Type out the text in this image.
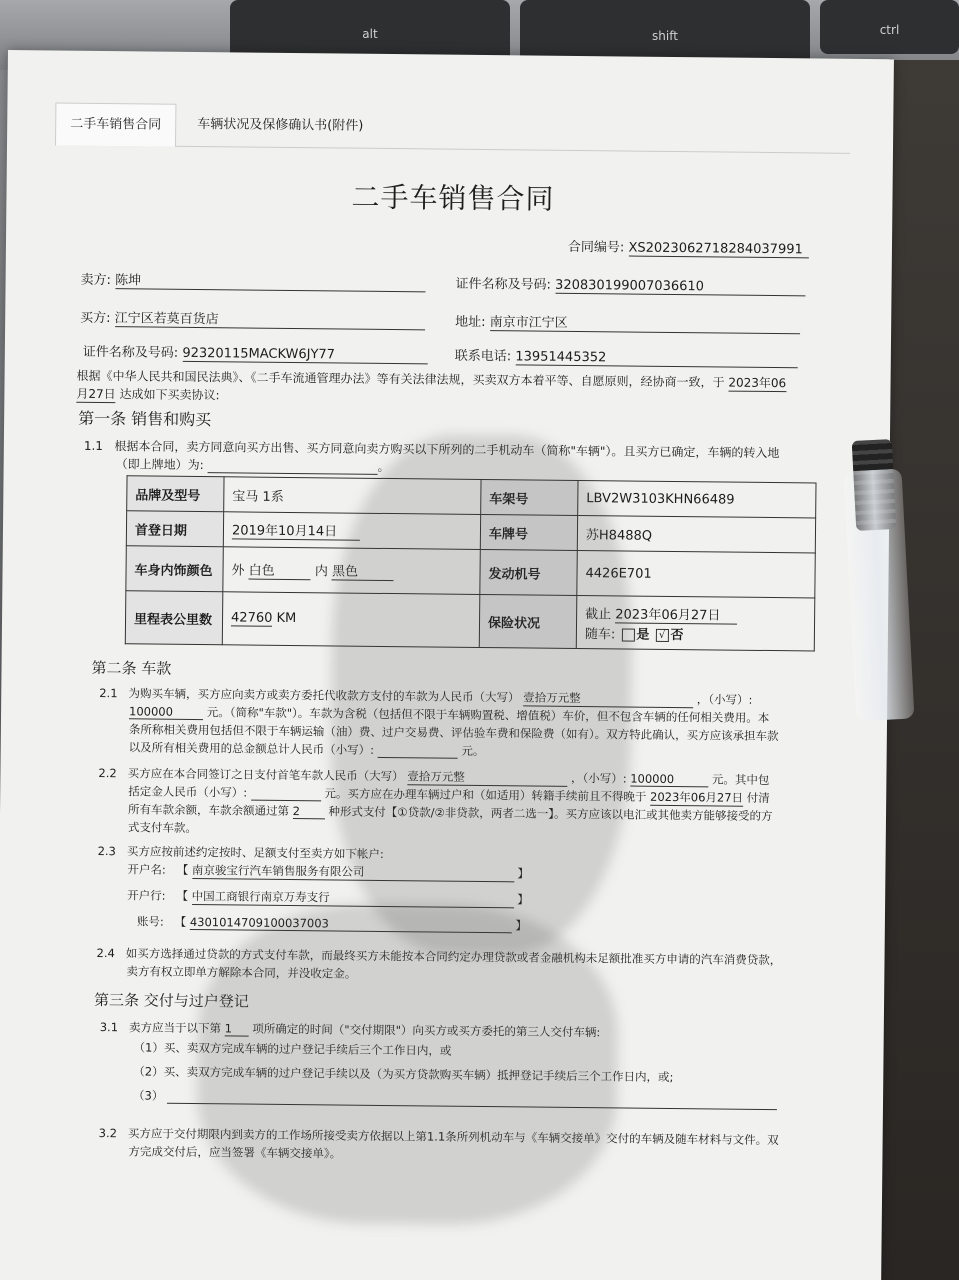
alt	shift	ctrl
二手车销售合同	车辆状况及保修确认书(附件)
二手车销售合同
合同编号: XS2023062718284037991
卖方: 陈坤	证件名称及号码: 320830199007036610
买方: 江宁区若莫百货店	地址: 南京市江宁区
证件名称及号码: 92320115MACKW6JY77	联系电话: 13951445352
根据《中华人民共和国民法典》、《二手车流通管理办法》等有关法律法规，买卖双方本着平等、自愿原则，经协商一致，于 2023年06
月27日 达成如下买卖协议:
第一条 销售和购买
1.1 根据本合同，卖方同意向买方出售、买方同意向卖方购买以下所列的二手机动车（简称"车辆"）。且买方已确定，车辆的转入地
（即上牌地）为:	。
品牌及型号	宝马 1系	车架号	LBV2W3103KHN66489
首登日期	2019年10月14日	车牌号	苏H8488Q
车身内饰颜色	外 白色 内 黑色	发动机号	4426E701
里程表公里数	42760 KM	保险状况	截止 2023年06月27日
随车: 是 √ 否
第二条 车款
2.1 为购买车辆，买方应向卖方或卖方委托代收款方支付的车款为人民币（大写） 壹拾万元整	，（小写）:
100000	元。（简称"车款"）。车款为含税（包括但不限于车辆购置税、增值税）车价，但不包含车辆的任何相关费用。本
条所称相关费用包括但不限于车辆运输（油）费、过户交易费、评估验车费和保险费（如有）。双方特此确认，买方应该承担车款
以及所有相关费用的总金额总计人民币（小写）:	元。
2.2 买方应在本合同签订之日支付首笔车款人民币（大写） 壹拾万元整	，（小写）: 100000	元。其中包
括定金人民币（小写）:	元。买方应在办理车辆过户和（如适用）转籍手续前且不得晚于 2023年06月27日 付清
所有车款余额，车款余额通过第 2 种形式支付【①贷款/②非贷款，两者二选一】。买方应该以电汇或其他卖方能够接受的方
式支付车款。
2.3 买方应按前述约定按时、足额支付至卖方如下帐户:
开户名: 【 南京骏宝行汽车销售服务有限公司	】
开户行: 【 中国工商银行南京万寿支行	】
账号: 【 4301014709100037003	】
2.4 如买方选择通过贷款的方式支付车款，而最终买方未能按本合同约定办理贷款或者金融机构未足额批准买方申请的汽车消费贷款，
卖方有权立即单方解除本合同，并没收定金。
第三条 交付与过户登记
3.1 卖方应当于以下第 1 项所确定的时间（"交付期限"）向买方或买方委托的第三人交付车辆:
（1）买、卖双方完成车辆的过户登记手续后三个工作日内，或
（2）买、卖双方完成车辆的过户登记手续以及（为买方贷款购买车辆）抵押登记手续后三个工作日内，或;
（3）
3.2 买方应于交付期限内到卖方的工作场所接受卖方依据以上第1.1条所列机动车与《车辆交接单》交付的车辆及随车材料与文件。双
方完成交付后，应当签署《车辆交接单》。
